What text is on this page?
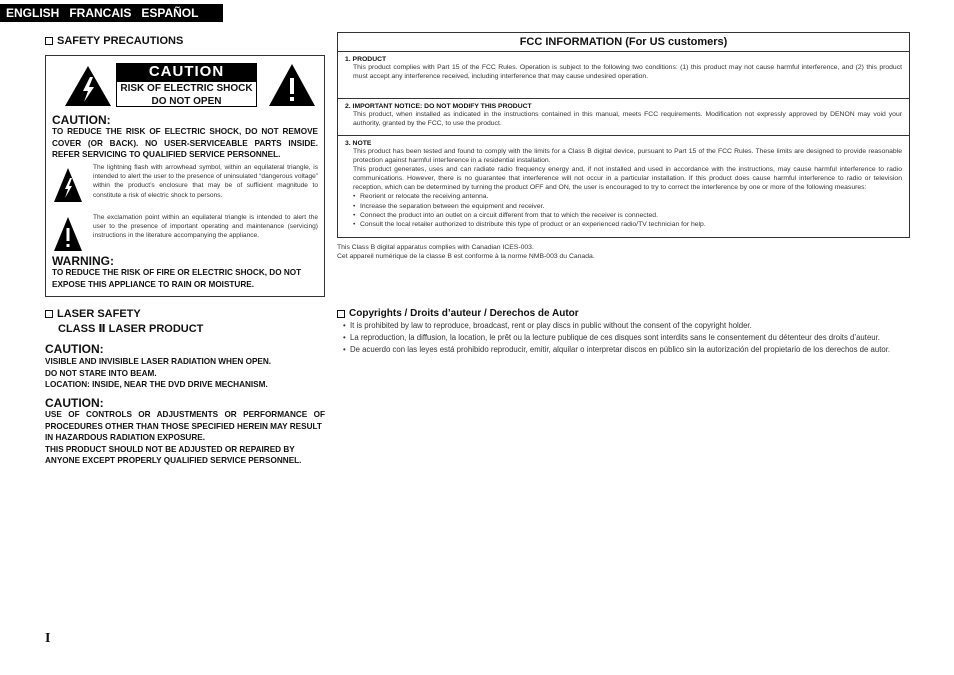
ENGLISH FRANCAIS ESPAÑOL
SAFETY PRECAUTIONS
CAUTION
RISK OF ELECTRIC SHOCK
DO NOT OPEN
CAUTION:
TO REDUCE THE RISK OF ELECTRIC SHOCK, DO NOT REMOVE COVER (OR BACK). NO USER-SERVICEABLE PARTS INSIDE. REFER SERVICING TO QUALIFIED SERVICE PERSONNEL.
The lightning flash with arrowhead symbol, within an equilateral triangle, is intended to alert the user to the presence of uninsulated “dangerous voltage” within the product’s enclosure that may be of sufficient magnitude to constitute a risk of electric shock to persons.
The exclamation point within an equilateral triangle is intended to alert the user to the presence of important operating and maintenance (servicing) instructions in the literature accompanying the appliance.
WARNING:
TO REDUCE THE RISK OF FIRE OR ELECTRIC SHOCK, DO NOT EXPOSE THIS APPLIANCE TO RAIN OR MOISTURE.
LASER SAFETY
CLASS Ⅱ LASER PRODUCT
CAUTION:
VISIBLE AND INVISIBLE LASER RADIATION WHEN OPEN.
DO NOT STARE INTO BEAM.
LOCATION: INSIDE, NEAR THE DVD DRIVE MECHANISM.
CAUTION:
USE OF CONTROLS OR ADJUSTMENTS OR PERFORMANCE OF PROCEDURES OTHER THAN THOSE SPECIFIED HEREIN MAY RESULT
IN HAZARDOUS RADIATION EXPOSURE.
THIS PRODUCT SHOULD NOT BE ADJUSTED OR REPAIRED BY ANYONE EXCEPT PROPERLY QUALIFIED SERVICE PERSONNEL.
FCC INFORMATION (For US customers)
1. PRODUCT
This product complies with Part 15 of the FCC Rules. Operation is subject to the following two conditions: (1) this product may not cause harmful interference, and (2) this product must accept any interference received, including interference that may cause undesired operation.
2. IMPORTANT NOTICE: DO NOT MODIFY THIS PRODUCT
This product, when installed as indicated in the instructions contained in this manual, meets FCC requirements. Modification not expressly approved by DENON may void your authority, granted by the FCC, to use the product.
3. NOTE
This product has been tested and found to comply with the limits for a Class B digital device, pursuant to Part 15 of the FCC Rules. These limits are designed to provide reasonable protection against harmful interference in a residential installation.
This product generates, uses and can radiate radio frequency energy and, if not installed and used in accordance with the instructions, may cause harmful interference to radio communications. However, there is no guarantee that interference will not occur in a particular installation. If this product does cause harmful interference to radio or television reception, which can be determined by turning the product OFF and ON, the user is encouraged to try to correct the interference by one or more of the following measures:
• Reorient or relocate the receiving antenna.
• Increase the separation between the equipment and receiver.
• Connect the product into an outlet on a circuit different from that to which the receiver is connected.
• Consult the local retailer authorized to distribute this type of product or an experienced radio/TV technician for help.
This Class B digital apparatus complies with Canadian ICES-003.
Cet appareil numérique de la classe B est conforme à la norme NMB-003 du Canada.
Copyrights / Droits d’auteur / Derechos de Autor
• It is prohibited by law to reproduce, broadcast, rent or play discs in public without the consent of the copyright holder.
• La reproduction, la diffusion, la location, le prêt ou la lecture publique de ces disques sont interdits sans le consentement du détenteur des droits d’auteur.
• De acuerdo con las leyes está prohibido reproducir, emitir, alquilar o interpretar discos en público sin la autorización del propietario de los derechos de autor.
I
